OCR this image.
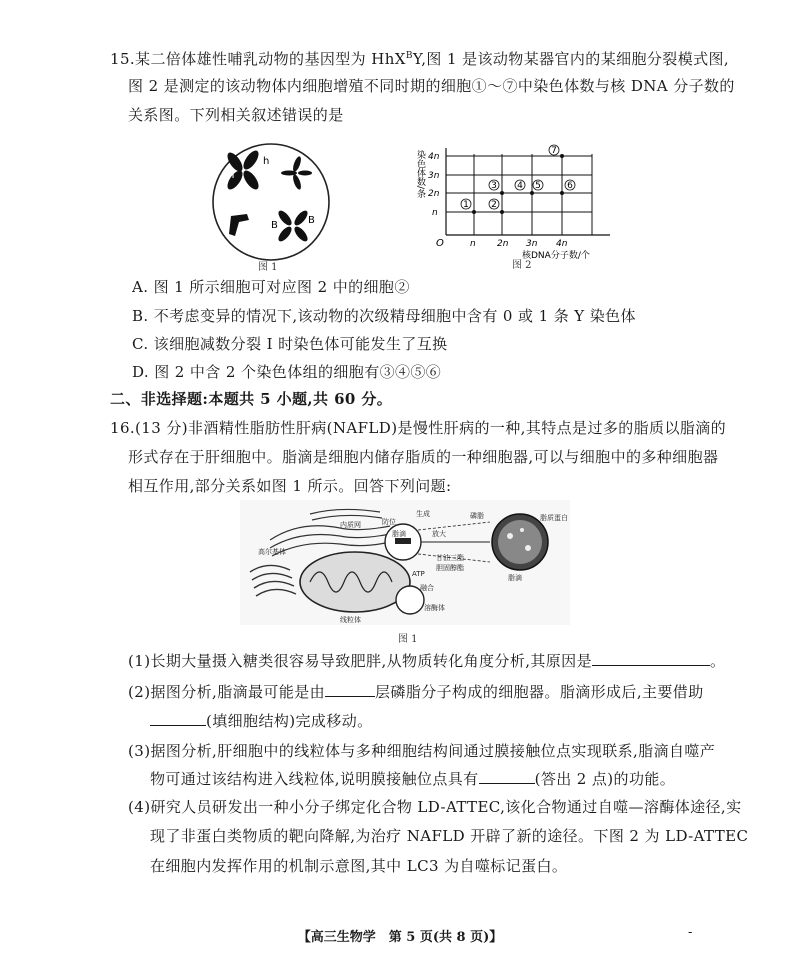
15.某二倍体雄性哺乳动物的基因型为 HhX$^B$Y,图 1 是该动物某器官内的某细胞分裂模式图,
图 2 是测定的该动物体内细胞增殖不同时期的细胞①～⑦中染色体数与核 DNA 分子数的
关系图。下列相关叙述错误的是
h
H
B	B
图 1
n
2n
3n
4n
n 2n 3n 4n
O
染色体数/条
核DNA分子数/个
1 2
3 4 5	6
7
图 2
A. 图 1 所示细胞可对应图 2 中的细胞②
B. 不考虑变异的情况下,该动物的次级精母细胞中含有 0 或 1 条 Y 染色体
C. 该细胞减数分裂 I 时染色体可能发生了互换
D. 图 2 中含 2 个染色体组的细胞有③④⑤⑥
二、非选择题:本题共 5 小题,共 60 分。
16.(13 分)非酒精性脂肪性肝病(NAFLD)是慢性肝病的一种,其特点是过多的脂质以脂滴的
形式存在于肝细胞中。脂滴是细胞内储存脂质的一种细胞器,可以与细胞中的多种细胞器
相互作用,部分关系如图 1 所示。回答下列问题:
内质网	防位
生成
高尔基体
脂滴	放大
磷脂	脂质蛋白
甘油三酯
胆固醇酯
脂滴
ATP
线粒体
融合
溶酶体
图 1
(1)长期大量摄入糖类很容易导致肥胖,从物质转化角度分析,其原因是	。
(2)据图分析,脂滴最可能是由	层磷脂分子构成的细胞器。脂滴形成后,主要借助
(填细胞结构)完成移动。
(3)据图分析,肝细胞中的线粒体与多种细胞结构间通过膜接触位点实现联系,脂滴自噬产
物可通过该结构进入线粒体,说明膜接触位点具有	(答出 2 点)的功能。
(4)研究人员研发出一种小分子绑定化合物 LD-ATTEC,该化合物通过自噬—溶酶体途径,实
现了非蛋白类物质的靶向降解,为治疗 NAFLD 开辟了新的途径。下图 2 为 LD-ATTEC
在细胞内发挥作用的机制示意图,其中 LC3 为自噬标记蛋白。
【高三生物学　第 5 页(共 8 页)】	-
